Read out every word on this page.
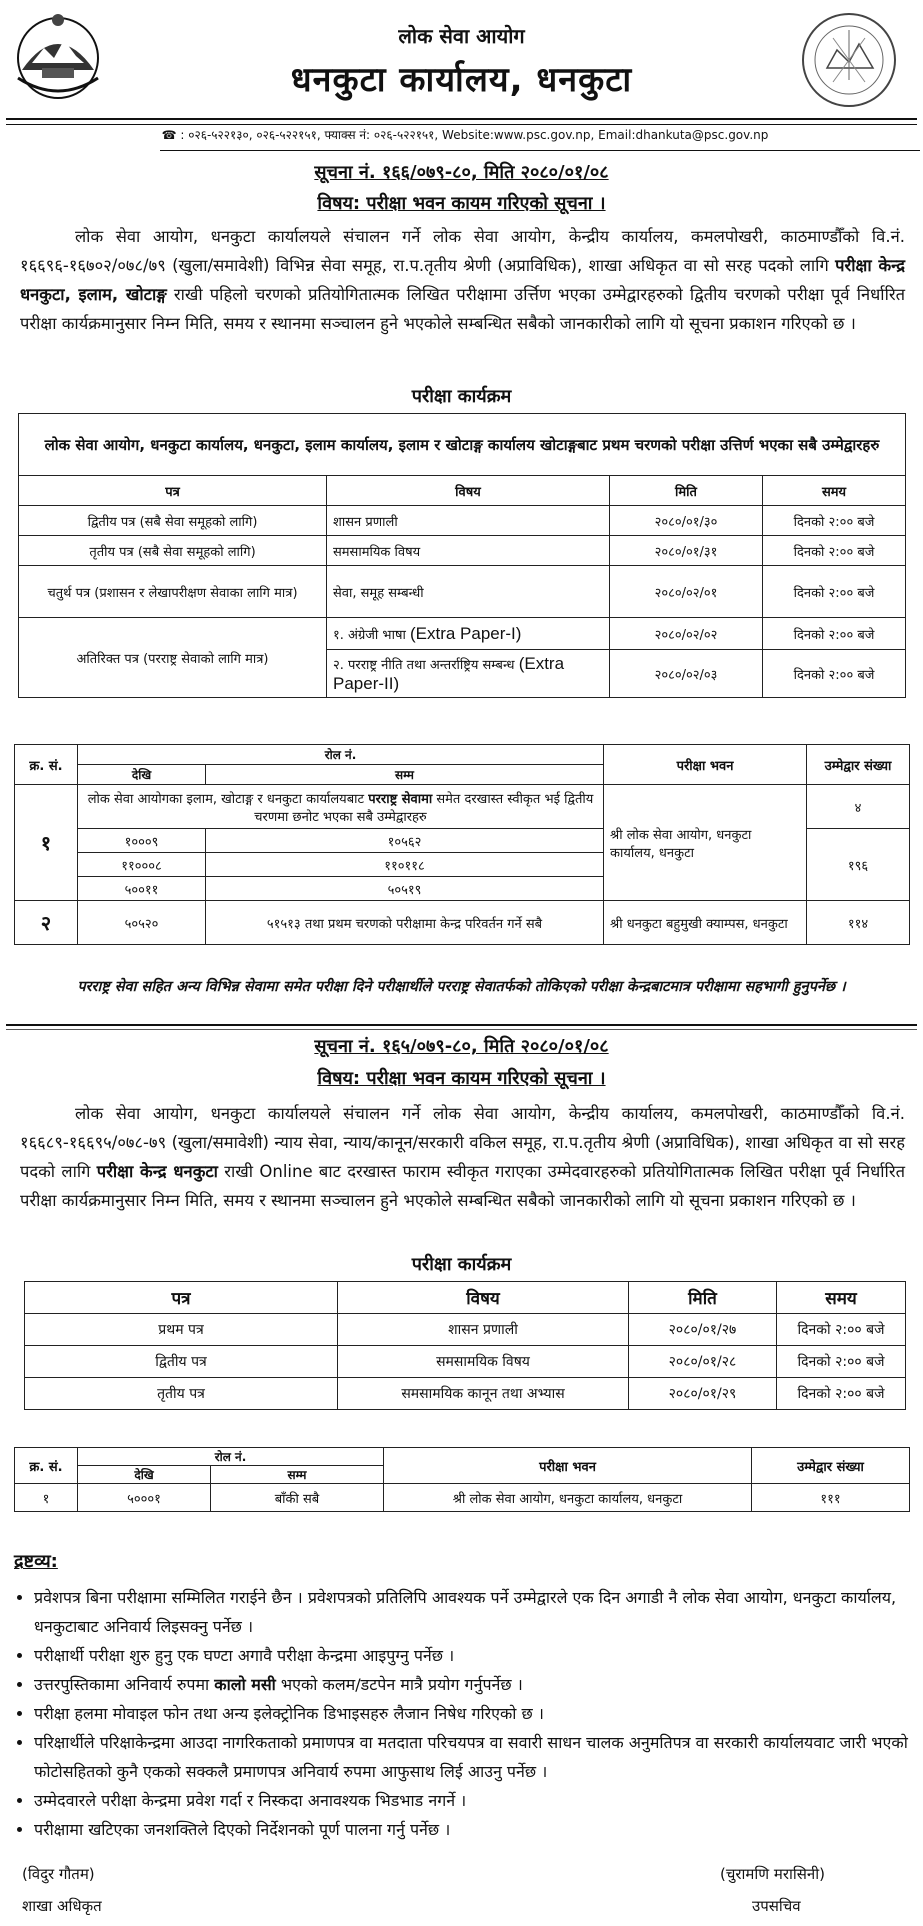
लोक सेवा आयोग
धनकुटा कार्यालय, धनकुटा
☎ : ०२६-५२२१३०, ०२६-५२२१५१, फ्याक्स नं: ०२६-५२२१५१, Website:www.psc.gov.np, Email:dhankuta@psc.gov.np
सूचना नं. १६६/०७९-८०, मिति २०८०/०१/०८
विषय: परीक्षा भवन कायम गरिएको सूचना ।
लोक सेवा आयोग, धनकुटा कार्यालयले संचालन गर्ने लोक सेवा आयोग, केन्द्रीय कार्यालय, कमलपोखरी, काठमाण्डौँको वि.नं. १६६९६-१६७०२/०७८/७९ (खुला/समावेशी) विभिन्न सेवा समूह, रा.प.तृतीय श्रेणी (अप्राविधिक), शाखा अधिकृत वा सो सरह पदको लागि परीक्षा केन्द्र धनकुटा, इलाम, खोटाङ्ग राखी पहिलो चरणको प्रतियोगितात्मक लिखित परीक्षामा उर्त्तिण भएका उम्मेद्वारहरुको द्वितीय चरणको परीक्षा पूर्व निर्धारित परीक्षा कार्यक्रमानुसार निम्न मिति, समय र स्थानमा सञ्चालन हुने भएकोले सम्बन्धित सबैको जानकारीको लागि यो सूचना प्रकाशन गरिएको छ ।
परीक्षा कार्यक्रम
लोक सेवा आयोग, धनकुटा कार्यालय, धनकुटा, इलाम कार्यालय, इलाम र खोटाङ्ग कार्यालय खोटाङ्गबाट प्रथम चरणको परीक्षा उत्तिर्ण भएका सबै उम्मेद्वारहरु			
पत्र	विषय	मिति	समय
द्वितीय पत्र (सबै सेवा समूहको लागि)	शासन प्रणाली	२०८०/०१/३०	दिनको २:०० बजे
तृतीय पत्र (सबै सेवा समूहको लागि)	समसामयिक विषय	२०८०/०१/३१	दिनको २:०० बजे
चतुर्थ पत्र (प्रशासन र लेखापरीक्षण सेवाका लागि मात्र)	सेवा, समूह सम्बन्धी	२०८०/०२/०१	दिनको २:०० बजे
अतिरिक्त पत्र (परराष्ट्र सेवाको लागि मात्र)	१. अंग्रेजी भाषा (Extra Paper-I)	२०८०/०२/०२	दिनको २:०० बजे
	२. परराष्ट्र नीति तथा अन्तर्राष्ट्रिय सम्बन्ध (Extra Paper-II)	२०८०/०२/०३	दिनको २:०० बजे
क्र. सं.	रोल नं.		परीक्षा भवन	उम्मेद्वार संख्या
	देखि	सम्म		
१	लोक सेवा आयोगका इलाम, खोटाङ्ग र धनकुटा कार्यालयबाट परराष्ट्र सेवामा समेत दरखास्त स्वीकृत भई द्वितीय चरणमा छनोट भएका सबै उम्मेद्वारहरु		श्री लोक सेवा आयोग, धनकुटा कार्यालय, धनकुटा	४
	१०००९	१०५६२		१९६
	११०००८	११०११८		
	५००११	५०५१९		
२	५०५२०	५१५१३ तथा प्रथम चरणको परीक्षामा केन्द्र परिवर्तन गर्ने सबै	श्री धनकुटा बहुमुखी क्याम्पस, धनकुटा	११४
परराष्ट्र सेवा सहित अन्य विभिन्न सेवामा समेत परीक्षा दिने परीक्षार्थीले परराष्ट्र सेवातर्फको तोकिएको परीक्षा केन्द्रबाटमात्र परीक्षामा सहभागी हुनुपर्नेछ ।
सूचना नं. १६५/०७९-८०, मिति २०८०/०१/०८
विषय: परीक्षा भवन कायम गरिएको सूचना ।
लोक सेवा आयोग, धनकुटा कार्यालयले संचालन गर्ने लोक सेवा आयोग, केन्द्रीय कार्यालय, कमलपोखरी, काठमाण्डौँको वि.नं. १६६८९-१६६९५/०७८-७९ (खुला/समावेशी) न्याय सेवा, न्याय/कानून/सरकारी वकिल समूह, रा.प.तृतीय श्रेणी (अप्राविधिक), शाखा अधिकृत वा सो सरह पदको लागि परीक्षा केन्द्र धनकुटा राखी Online बाट दरखास्त फाराम स्वीकृत गराएका उम्मेदवारहरुको प्रतियोगितात्मक लिखित परीक्षा पूर्व निर्धारित परीक्षा कार्यक्रमानुसार निम्न मिति, समय र स्थानमा सञ्चालन हुने भएकोले सम्बन्धित सबैको जानकारीको लागि यो सूचना प्रकाशन गरिएको छ ।
परीक्षा कार्यक्रम
पत्र	विषय	मिति	समय
प्रथम पत्र	शासन प्रणाली	२०८०/०१/२७	दिनको २:०० बजे
द्वितीय पत्र	समसामयिक विषय	२०८०/०१/२८	दिनको २:०० बजे
तृतीय पत्र	समसामयिक कानून तथा अभ्यास	२०८०/०१/२९	दिनको २:०० बजे
क्र. सं.	रोल नं.		परीक्षा भवन	उम्मेद्वार संख्या
	देखि	सम्म		
१	५०००१	बाँकी सबै	श्री लोक सेवा आयोग, धनकुटा कार्यालय, धनकुटा	१११
द्रष्टव्य:
• प्रवेशपत्र बिना परीक्षामा सम्मिलित गराईने छैन । प्रवेशपत्रको प्रतिलिपि आवश्यक पर्ने उम्मेद्वारले एक दिन अगाडी नै लोक सेवा आयोग, धनकुटा कार्यालय, धनकुटाबाट अनिवार्य लिइसक्नु पर्नेछ ।
• परीक्षार्थी परीक्षा शुरु हुनु एक घण्टा अगावै परीक्षा केन्द्रमा आइपुग्नु पर्नेछ ।
• उत्तरपुस्तिकामा अनिवार्य रुपमा कालो मसी भएको कलम/डटपेन मात्रै प्रयोग गर्नुपर्नेछ ।
• परीक्षा हलमा मोवाइल फोन तथा अन्य इलेक्ट्रोनिक डिभाइसहरु लैजान निषेध गरिएको छ ।
• परिक्षार्थीले परिक्षाकेन्द्रमा आउदा नागरिकताको प्रमाणपत्र वा मतदाता परिचयपत्र वा सवारी साधन चालक अनुमतिपत्र वा सरकारी कार्यालयवाट जारी भएको फोटोसहितको कुनै एकको सक्कलै प्रमाणपत्र अनिवार्य रुपमा आफुसाथ लिई आउनु पर्नेछ ।
• उम्मेदवारले परीक्षा केन्द्रमा प्रवेश गर्दा र निस्कदा अनावश्यक भिडभाड नगर्ने ।
• परीक्षामा खटिएका जनशक्तिले दिएको निर्देशनको पूर्ण पालना गर्नु पर्नेछ ।
(विदुर गौतम)
शाखा अधिकृत
(चुरामणि मरासिनी)
उपसचिव
